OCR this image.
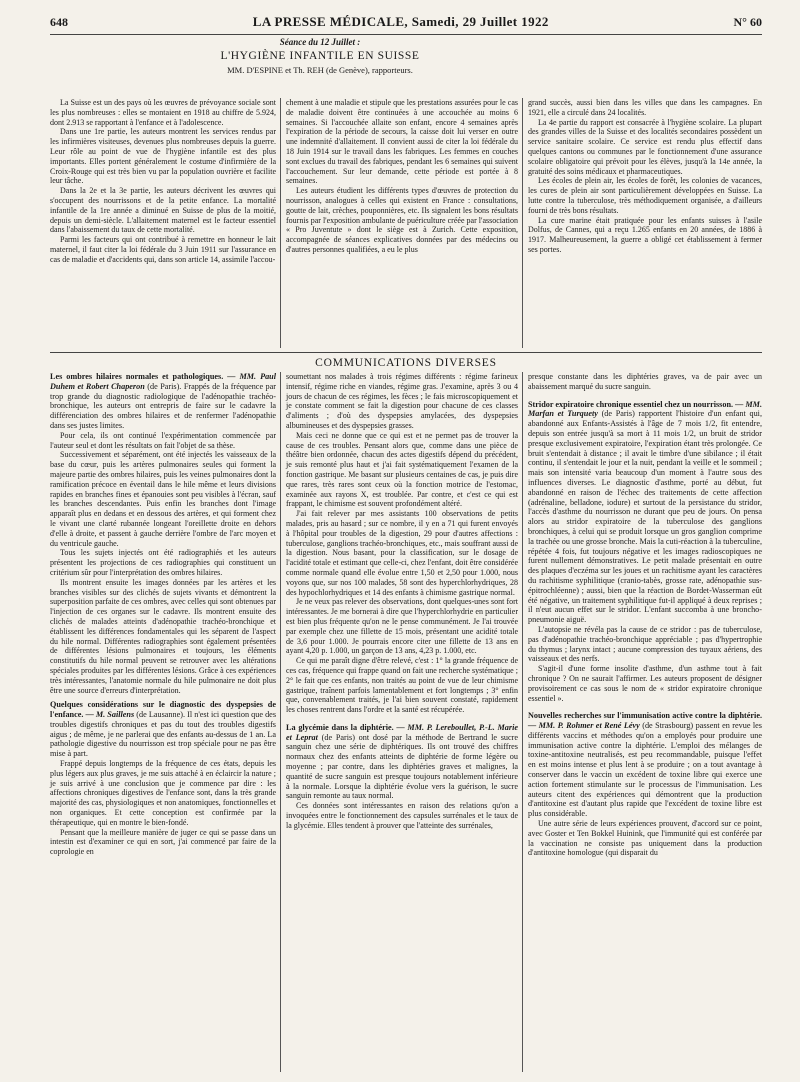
648	LA PRESSE MÉDICALE, Samedi, 29 Juillet 1922	N° 60
Séance du 12 Juillet :
L'HYGIÈNE INFANTILE EN SUISSE
MM. D'ESPINE et Th. REH (de Genève), rapporteurs.

La Suisse est un des pays où les œuvres de prévoyance sociale sont les plus nombreuses : elles se montaient en 1918 au chiffre de 5.924, dont 2.913 se rapportant à l'enfance et à l'adolescence.

Dans une 1re partie, les auteurs montrent les services rendus par les infirmières visiteuses, devenues plus nombreuses depuis la guerre. Leur rôle au point de vue de l'hygiène infantile est des plus importants. Elles portent généralement le costume d'infirmière de la Croix-Rouge qui est très bien vu par la population ouvrière et facilite leur tâche.

Dans la 2e et la 3e partie, les auteurs décrivent les œuvres qui s'occupent des nourrissons et de la petite enfance. La mortalité infantile de la 1re année a diminué en Suisse de plus de la moitié, depuis un demi-siècle. L'allaitement maternel est le facteur essentiel dans l'abaissement du taux de cette mortalité.

Parmi les facteurs qui ont contribué à remettre en honneur le lait maternel, il faut citer la loi fédérale du 3 Juin 1911 sur l'assurance en cas de maladie et d'accidents qui, dans son article 14, assimile l'accou-

chement à une maladie et stipule que les prestations assurées pour le cas de maladie doivent être continuées à une accouchée au moins 6 semaines. Si l'accouchée allaite son enfant, encore 4 semaines après l'expiration de la période de secours, la caisse doit lui verser en outre une indemnité d'allaitement. Il convient aussi de citer la loi fédérale du 18 Juin 1914 sur le travail dans les fabriques. Les femmes en couches sont exclues du travail des fabriques, pendant les 6 semaines qui suivent l'accouchement. Sur leur demande, cette période est portée à 8 semaines.

Les auteurs étudient les différents types d'œuvres de protection du nourrisson, analogues à celles qui existent en France : consultations, goutte de lait, crèches, pouponnières, etc. Ils signalent les bons résultats fournis par l'exposition ambulante de puériculture créée par l'association « Pro Juventute » dont le siège est à Zurich. Cette exposition, accompagnée de séances explicatives données par des médecins ou d'autres personnes qualifiées, a eu le plus

grand succès, aussi bien dans les villes que dans les campagnes. En 1921, elle a circulé dans 24 localités.

La 4e partie du rapport est consacrée à l'hygiène scolaire. La plupart des grandes villes de la Suisse et des localités secondaires possèdent un service sanitaire scolaire. Ce service est rendu plus effectif dans quelques cantons ou communes par le fonctionnement d'une assurance scolaire obligatoire qui prévoit pour les élèves, jusqu'à la 14e année, la gratuité des soins médicaux et pharmaceutiques.

Les écoles de plein air, les écoles de forêt, les colonies de vacances, les cures de plein air sont particulièrement développées en Suisse. La lutte contre la tuberculose, très méthodiquement organisée, a d'ailleurs fourni de très bons résultats.

La cure marine était pratiquée pour les enfants suisses à l'asile Dolfus, de Cannes, qui a reçu 1.265 enfants en 20 années, de 1886 à 1917. Malheureusement, la guerre a obligé cet établissement à fermer ses portes.

COMMUNICATIONS DIVERSES
Les ombres hilaires normales et pathologiques. — MM. Paul Duhem et Robert Chaperon (de Paris). Frappés de la fréquence par trop grande du diagnostic radiologique de l'adénopathie trachéo-bronchique, les auteurs ont entrepris de faire sur le cadavre la différenciation des ombres hilaires et de renfermer l'adénopathie dans ses justes limites.

Pour cela, ils ont continué l'expérimentation commencée par l'auteur seul et dont les résultats on fait l'objet de sa thèse.

Successivement et séparément, ont été injectés les vaisseaux de la base du cœur, puis les artères pulmonaires seules qui forment la majeure partie des ombres hilaires, puis les veines pulmonaires dont la ramification précoce en éventail dans le hile même et leurs divisions rapides en branches fines et épanouies sont peu visibles à l'écran, sauf les branches descendantes. Puis enfin les branches dont l'image apparaît plus en dedans et en dessous des artères, et qui forment chez le vivant une clarté rubannée longeant l'oreillette droite en dehors d'elle à droite, et passent à gauche derrière l'ombre de l'arc moyen et du ventricule gauche.

Tous les sujets injectés ont été radiographiés et les auteurs présentent les projections de ces radiographies qui constituent un critérium sûr pour l'interprétation des ombres hilaires.

Ils montrent ensuite les images données par les artères et les branches visibles sur des clichés de sujets vivants et démontrent la superposition parfaite de ces ombres, avec celles qui sont obtenues par l'injection de ces organes sur le cadavre. Ils montrent ensuite des clichés de malades atteints d'adénopathie trachéo-bronchique et établissent les différences fondamentales qui les séparent de l'aspect du hile normal. Différentes radiographies sont également présentées de différentes lésions pulmonaires et toujours, les éléments constitutifs du hile normal peuvent se retrouver avec les altérations spéciales produites par les différentes lésions. Grâce à ces expériences très intéressantes, l'anatomie normale du hile pulmonaire ne doit plus être une source d'erreurs d'interprétation.

Quelques considérations sur le diagnostic des dyspepsies de l'enfance. — M. Saillens (de Lausanne). Il n'est ici question que des troubles digestifs chroniques et pas du tout des troubles digestifs aigus ; de même, je ne parlerai que des enfants au-dessus de 1 an. La pathologie digestive du nourrisson est trop spéciale pour ne pas être mise à part.

Frappé depuis longtemps de la fréquence de ces états, depuis les plus légers aux plus graves, je me suis attaché à en éclaircir la nature ; je suis arrivé à une conclusion que je commence par dire : les affections chroniques digestives de l'enfance sont, dans la très grande majorité des cas, physiologiques et non anatomiques, fonctionnelles et non organiques. Et cette conception est confirmée par la thérapeutique, qui en montre le bien-fondé.

Pensant que la meilleure manière de juger ce qui se passe dans un intestin est d'examiner ce qui en sort, j'ai commencé par faire de la coprologie en

soumettant nos malades à trois régimes différents : régime farineux intensif, régime riche en viandes, régime gras. J'examine, après 3 ou 4 jours de chacun de ces régimes, les fèces ; le fais microscopiquement et je constate comment se fait la digestion pour chacune de ces classes d'aliments ; d'où des dyspepsies amylacées, des dyspepsies albumineuses et des dyspepsies grasses.

Mais ceci ne donne que ce qui est et ne permet pas de trouver la cause de ces troubles. Pensant alors que, comme dans une pièce de théâtre bien ordonnée, chacun des actes digestifs dépend du précédent, je suis remonté plus haut et j'ai fait systématiquement l'examen de la fonction gastrique. Me basant sur plusieurs centaines de cas, je puis dire que rares, très rares sont ceux où la fonction motrice de l'estomac, examinée aux rayons X, est troublée. Par contre, et c'est ce qui est frappant, le chimisme est souvent profondément altéré.

J'ai fait relever par mes assistants 100 observations de petits malades, pris au hasard ; sur ce nombre, il y en a 71 qui furent envoyés à l'hôpital pour troubles de la digestion, 29 pour d'autres affections : tuberculose, ganglions trachéo-bronchiques, etc., mais souffrant aussi de la digestion. Nous basant, pour la classification, sur le dosage de l'acidité totale et estimant que celle-ci, chez l'enfant, doit être considérée comme normale quand elle évolue entre 1,50 et 2,50 pour 1.000, nous voyons que, sur nos 100 malades, 58 sont des hyperchlorhydriques, 28 des hypochlorhydriques et 14 des enfants à chimisme gastrique normal.

Je ne veux pas relever des observations, dont quelques-unes sont fort intéressantes. Je me bornerai à dire que l'hyperchlorhydrie en particulier est bien plus fréquente qu'on ne le pense communément. Je l'ai trouvée par exemple chez une fillette de 15 mois, présentant une acidité totale de 3,6 pour 1.000. Je pourrais encore citer une fillette de 13 ans en ayant 4,20 p. 1.000, un garçon de 13 ans, 4,23 p. 1.000, etc.

Ce qui me paraît digne d'être relevé, c'est : 1° la grande fréquence de ces cas, fréquence qui frappe quand on fait une recherche systématique ; 2° le fait que ces enfants, non traités au point de vue de leur chimisme gastrique, traînent parfois lamentablement et fort longtemps ; 3° enfin que, convenablement traités, je l'ai bien souvent constaté, rapidement les choses rentrent dans l'ordre et la santé est récupérée.

La glycémie dans la diphtérie. — MM. P. Lereboullet, P.-L. Marie et Leprat (de Paris) ont dosé par la méthode de Bertrand le sucre sanguin chez une série de diphtériques. Ils ont trouvé des chiffres normaux chez des enfants atteints de diphtérie de forme légère ou moyenne ; par contre, dans les diphtéries graves et malignes, la quantité de sucre sanguin est presque toujours notablement inférieure à la normale. Lorsque la diphtérie évolue vers la guérison, le sucre sanguin remonte au taux normal.

Ces données sont intéressantes en raison des relations qu'on a invoquées entre le fonctionnement des capsules surrénales et le taux de la glycémie. Elles tendent à prouver que l'atteinte des surrénales,

presque constante dans les diphtéries graves, va de pair avec un abaissement marqué du sucre sanguin.

Stridor expiratoire chronique essentiel chez un nourrisson. — MM. Marfan et Turquety (de Paris) rapportent l'histoire d'un enfant qui, abandonné aux Enfants-Assistés à l'âge de 7 mois 1/2, fit entendre, depuis son entrée jusqu'à sa mort à 11 mois 1/2, un bruit de stridor presque exclusivement expiratoire, l'expiration étant très prolongée. Ce bruit s'entendait à distance ; il avait le timbre d'une sibilance ; il était continu, il s'entendait le jour et la nuit, pendant la veille et le sommeil ; mais son intensité varia beaucoup d'un moment à l'autre sous des influences diverses. Le diagnostic d'asthme, porté au début, fut abandonné en raison de l'échec des traitements de cette affection (adrénaline, belladone, iodure) et surtout de la persistance du stridor, l'accès d'asthme du nourrisson ne durant que peu de jours. On pensa alors au stridor expiratoire de la tuberculose des ganglions bronchiques, à celui qui se produit lorsque un gros ganglion comprime la trachée ou une grosse bronche. Mais la cuti-réaction à la tuberculine, répétée 4 fois, fut toujours négative et les images radioscopiques ne furent nullement démonstratives. Le petit malade présentait en outre des plaques d'eczéma sur les joues et un rachitisme ayant les caractères du rachitisme syphilitique (cranio-tabès, grosse rate, adénopathie sus-épitrochléenne) ; aussi, bien que la réaction de Bordet-Wasserman eût été négative, un traitement syphilitique fut-il appliqué à deux reprises ; il n'eut aucun effet sur le stridor. L'enfant succomba à une broncho-pneumonie aiguë.

L'autopsie ne révéla pas la cause de ce stridor : pas de tuberculose, pas d'adénopathie trachéo-bronchique appréciable ; pas d'hypertrophie du thymus ; larynx intact ; aucune compression des tuyaux aériens, des vaisseaux et des nerfs.

S'agit-il d'une forme insolite d'asthme, d'un asthme tout à fait chronique ? On ne saurait l'affirmer. Les auteurs proposent de désigner provisoirement ce cas sous le nom de « stridor expiratoire chronique essentiel ».

Nouvelles recherches sur l'immunisation active contre la diphtérie. — MM. P. Rohmer et René Lévy (de Strasbourg) passent en revue les différents vaccins et méthodes qu'on a employés pour produire une immunisation active contre la diphtérie. L'emploi des mélanges de toxine-antitoxine neutralisés, est peu recommandable, puisque l'effet en est moins intense et plus lent à se produire ; on a tout avantage à conserver dans le vaccin un excédent de toxine libre qui exerce une action fortement stimulante sur le processus de l'immunisation. Les auteurs citent des expériences qui démontrent que la production d'antitoxine est d'autant plus rapide que l'excédent de toxine libre est plus considérable.

Une autre série de leurs expériences prouvent, d'accord sur ce point, avec Goster et Ten Bokkel Huinink, que l'immunité qui est conférée par la vaccination ne consiste pas uniquement dans la production d'antitoxine homologue (qui disparait du
